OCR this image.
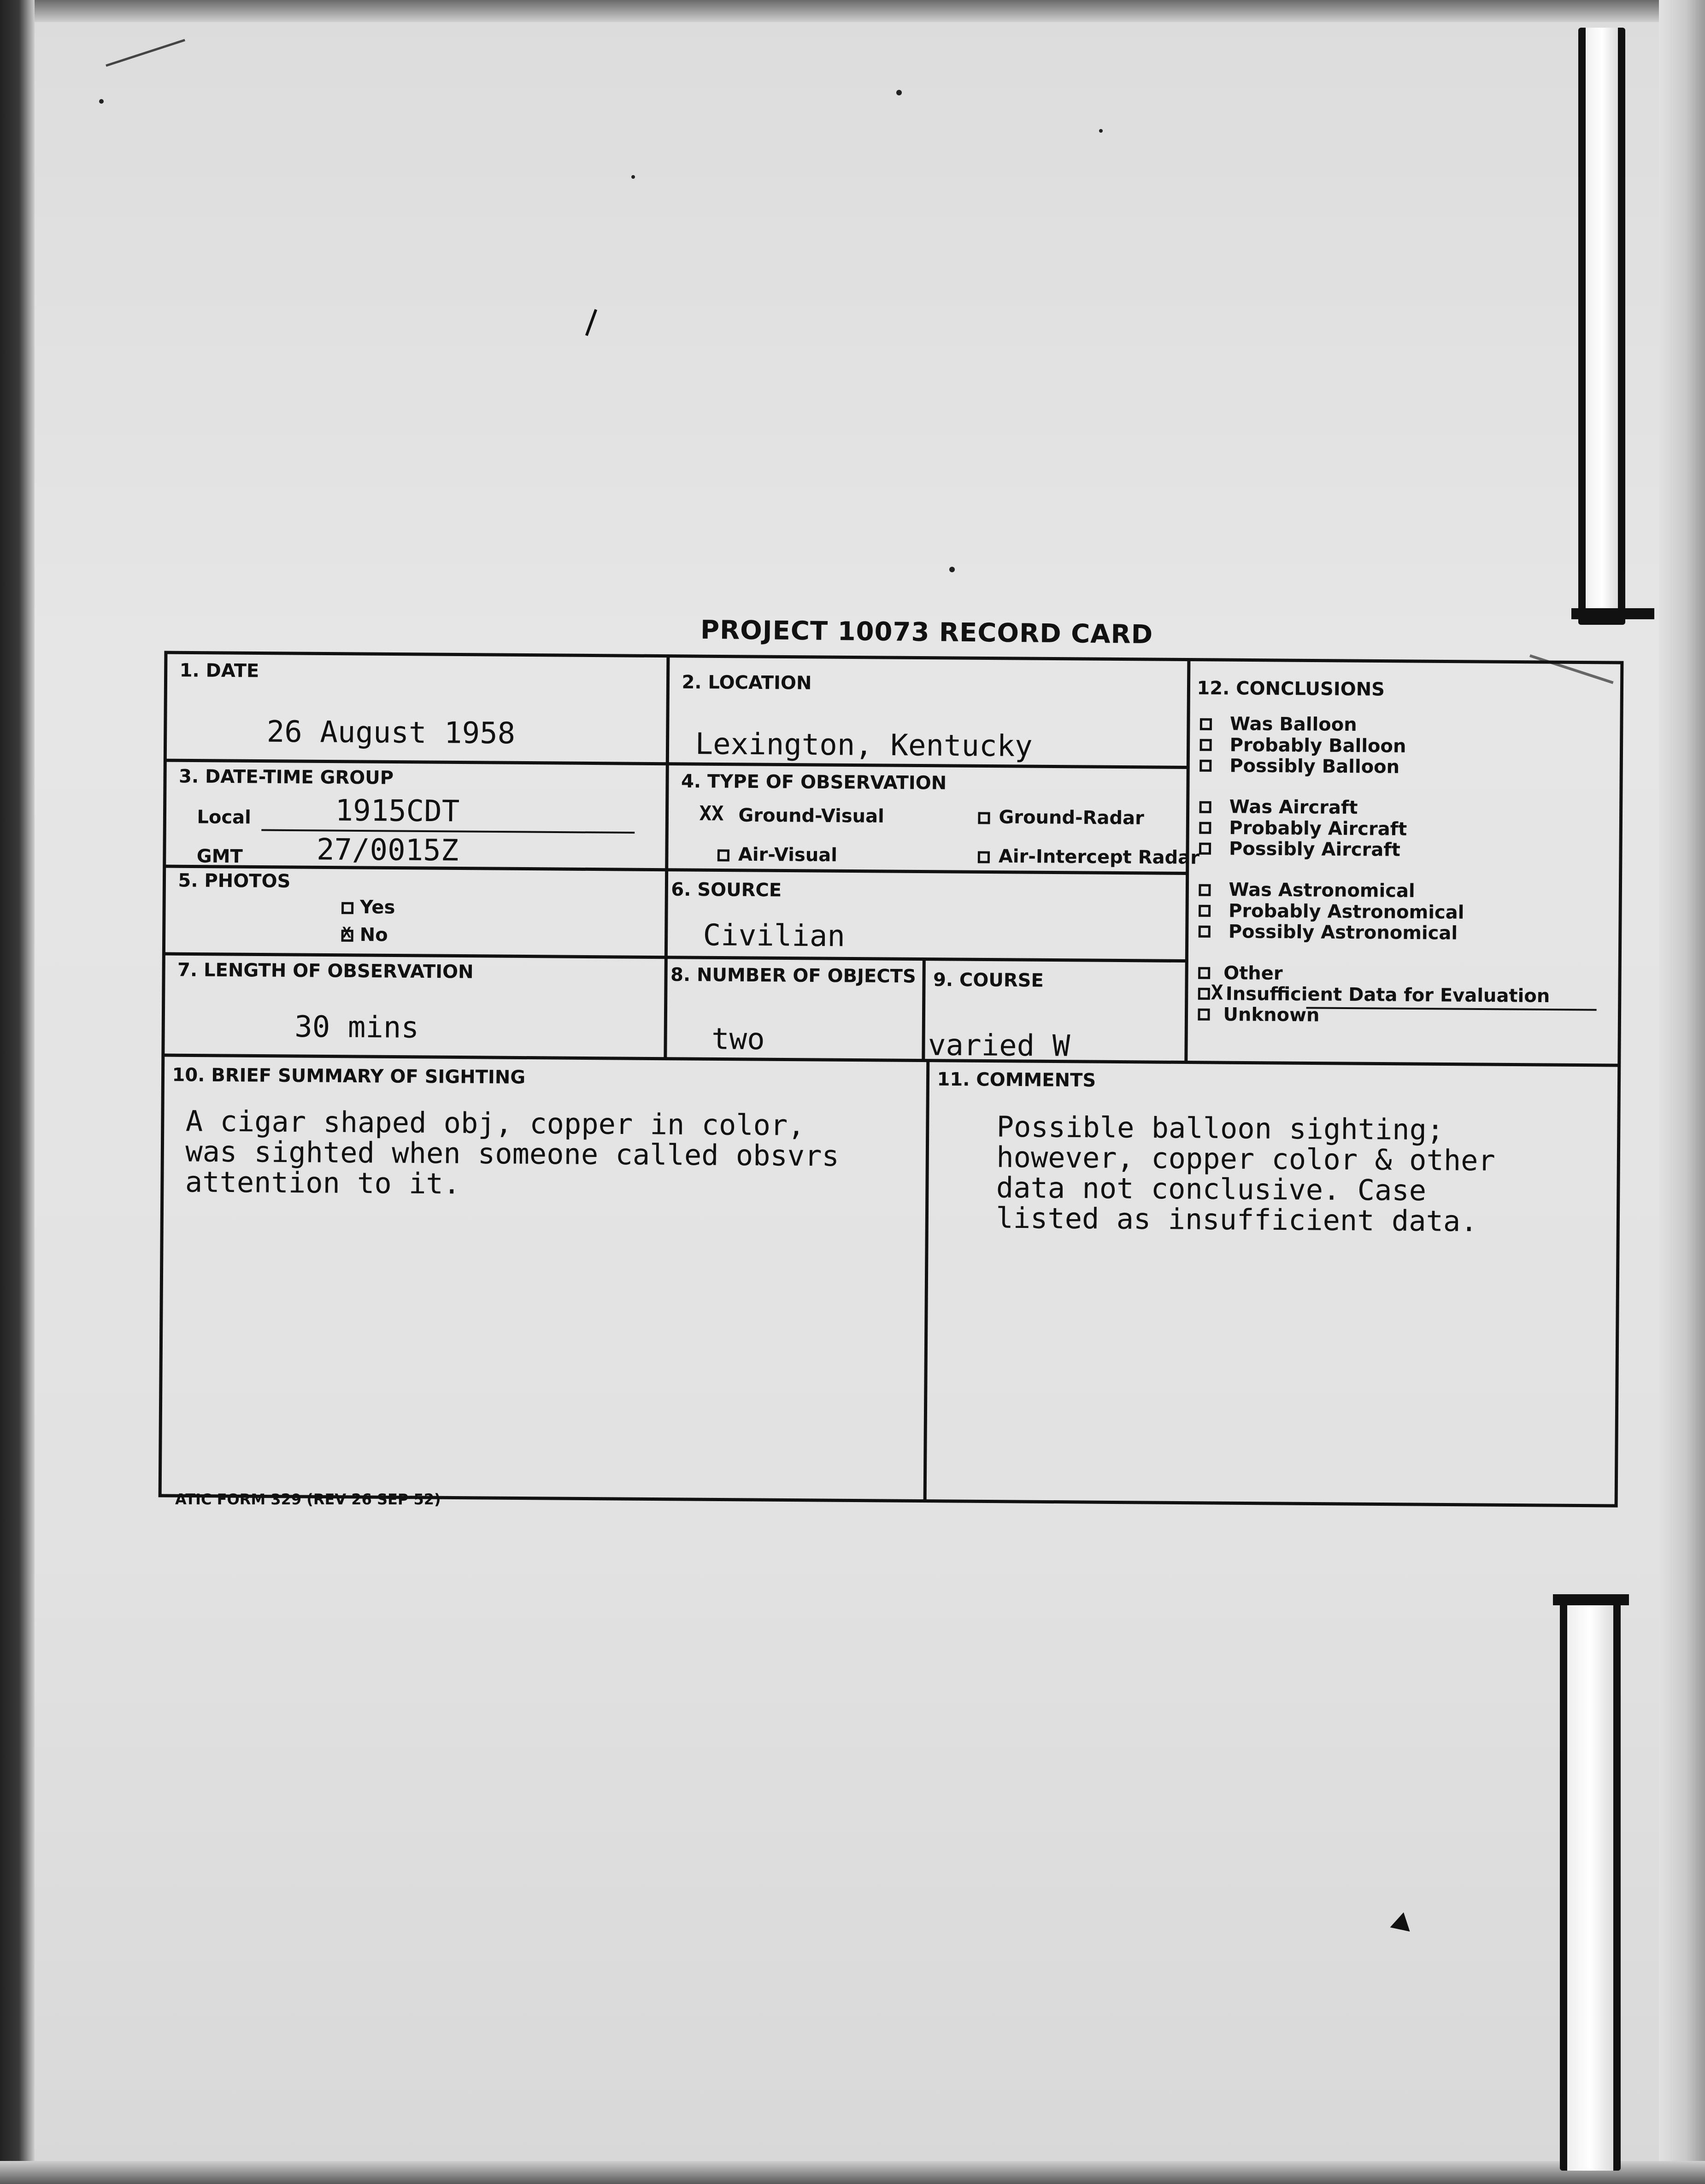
PROJECT 10073 RECORD CARD
1. DATE
26 August 1958
2. LOCATION
Lexington, Kentucky
3. DATE-TIME GROUP
Local	1915CDT
GMT 27/0015Z
4. TYPE OF OBSERVATION
XX Ground-Visual	Ground-Radar
Air-Visual	Air-Intercept Radar
5. PHOTOS
Yes
X No
6. SOURCE
Civilian
7. LENGTH OF OBSERVATION
30 mins
8. NUMBER OF OBJECTS
two
9. COURSE
varied W
12. CONCLUSIONS
Was Balloon
Probably Balloon
Possibly Balloon
Was Aircraft
Probably Aircraft
Possibly Aircraft
Was Astronomical
Probably Astronomical
Possibly Astronomical
Other
X Insufficient Data for Evaluation
Unknown
10. BRIEF SUMMARY OF SIGHTING
A cigar shaped obj, copper in color,
was sighted when someone called obsvrs
attention to it.
11. COMMENTS
Possible balloon sighting;
however, copper color & other
data not conclusive. Case
listed as insufficient data.
ATIC FORM 329 (REV 26 SEP 52)
